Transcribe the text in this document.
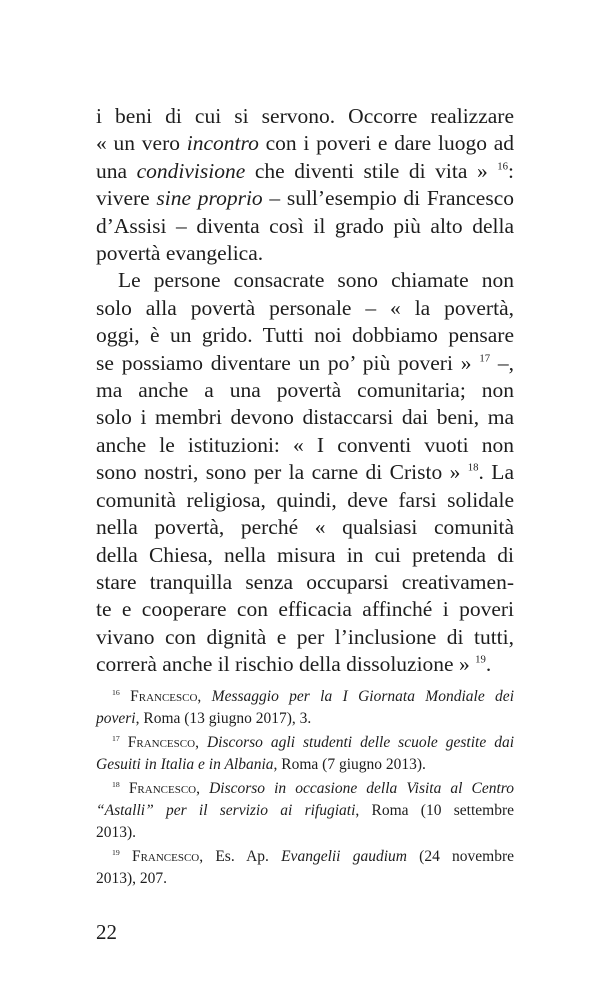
i beni di cui si servono. Occorre realizzare
« un vero incontro con i poveri e dare luogo ad
una condivisione che diventi stile di vita » $^{16}$:
vivere sine proprio – sull’esempio di Francesco
d’Assisi – diventa così il grado più alto della
povertà evangelica.
Le persone consacrate sono chiamate non
solo alla povertà personale – « la povertà,
oggi, è un grido. Tutti noi dobbiamo pensare
se possiamo diventare un po’ più poveri » $^{17}$ –,
ma anche a una povertà comunitaria; non
solo i membri devono distaccarsi dai beni, ma
anche le istituzioni: « I conventi vuoti non
sono nostri, sono per la carne di Cristo » $^{18}$. La
comunità religiosa, quindi, deve farsi solidale
nella povertà, perché « qualsiasi comunità
della Chiesa, nella misura in cui pretenda di
stare tranquilla senza occuparsi creativamen-
te e cooperare con efficacia affinché i poveri
vivano con dignità e per l’inclusione di tutti,
correrà anche il rischio della dissoluzione » $^{19}$.
$^{16}$ Francesco, Messaggio per la I Giornata Mondiale dei
poveri, Roma (13 giugno 2017), 3.
$^{17}$ Francesco, Discorso agli studenti delle scuole gestite dai
Gesuiti in Italia e in Albania, Roma (7 giugno 2013).
$^{18}$ Francesco, Discorso in occasione della Visita al Centro
“Astalli” per il servizio ai rifugiati, Roma (10 settembre
2013).
$^{19}$ Francesco, Es. Ap. Evangelii gaudium (24 novembre
2013), 207.
22
